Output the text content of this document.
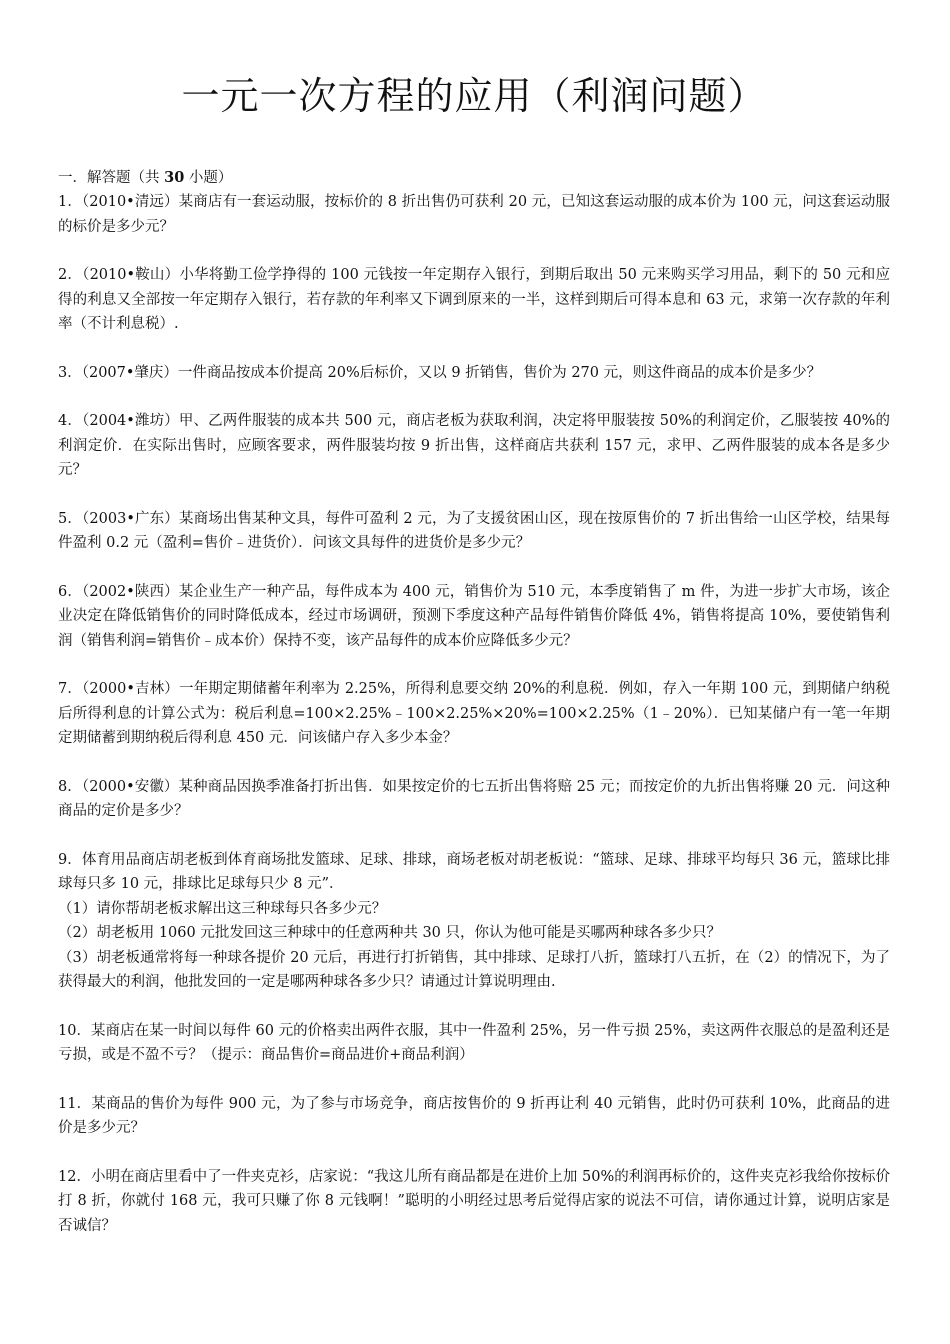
一元一次方程的应用（利润问题）

一．解答题（共 30 小题）

1．（2010•清远）某商店有一套运动服，按标价的 8 折出售仍可获利 20 元，已知这套运动服的成本价为 100 元，问这套运动服的标价是多少元？

2．（2010•鞍山）小华将勤工俭学挣得的 100 元钱按一年定期存入银行，到期后取出 50 元来购买学习用品，剩下的 50 元和应得的利息又全部按一年定期存入银行，若存款的年利率又下调到原来的一半，这样到期后可得本息和 63 元，求第一次存款的年利率（不计利息税）.

3．（2007•肇庆）一件商品按成本价提高 20%后标价，又以 9 折销售，售价为 270 元，则这件商品的成本价是多少？

4．（2004•潍坊）甲、乙两件服装的成本共 500 元，商店老板为获取利润，决定将甲服装按 50%的利润定价，乙服装按 40%的利润定价．在实际出售时，应顾客要求，两件服装均按 9 折出售，这样商店共获利 157 元，求甲、乙两件服装的成本各是多少元？

5．（2003•广东）某商场出售某种文具，每件可盈利 2 元，为了支援贫困山区，现在按原售价的 7 折出售给一山区学校，结果每件盈利 0.2 元（盈利=售价﹣进货价）．问该文具每件的进货价是多少元？

6．（2002•陕西）某企业生产一种产品，每件成本为 400 元，销售价为 510 元，本季度销售了 m 件，为进一步扩大市场，该企业决定在降低销售价的同时降低成本，经过市场调研，预测下季度这种产品每件销售价降低 4%，销售将提高 10%，要使销售利润（销售利润=销售价﹣成本价）保持不变，该产品每件的成本价应降低多少元？

7．（2000•吉林）一年期定期储蓄年利率为 2.25%，所得利息要交纳 20%的利息税．例如，存入一年期 100 元，到期储户纳税后所得利息的计算公式为：税后利息=100×2.25%﹣100×2.25%×20%=100×2.25%（1﹣20%）．已知某储户有一笔一年期定期储蓄到期纳税后得利息 450 元．问该储户存入多少本金？

8．（2000•安徽）某种商品因换季准备打折出售．如果按定价的七五折出售将赔 25 元；而按定价的九折出售将赚 20 元．问这种商品的定价是多少？

9．体育用品商店胡老板到体育商场批发篮球、足球、排球，商场老板对胡老板说：“篮球、足球、排球平均每只 36 元，篮球比排球每只多 10 元，排球比足球每只少 8 元”．

（1）请你帮胡老板求解出这三种球每只各多少元？

（2）胡老板用 1060 元批发回这三种球中的任意两种共 30 只，你认为他可能是买哪两种球各多少只？

（3）胡老板通常将每一种球各提价 20 元后，再进行打折销售，其中排球、足球打八折，篮球打八五折，在（2）的情况下，为了获得最大的利润，他批发回的一定是哪两种球各多少只？请通过计算说明理由.

10．某商店在某一时间以每件 60 元的价格卖出两件衣服，其中一件盈利 25%，另一件亏损 25%，卖这两件衣服总的是盈利还是亏损，或是不盈不亏？（提示：商品售价=商品进价+商品利润）

11．某商品的售价为每件 900 元，为了参与市场竞争，商店按售价的 9 折再让利 40 元销售，此时仍可获利 10%，此商品的进价是多少元？

12．小明在商店里看中了一件夹克衫，店家说：“我这儿所有商品都是在进价上加 50%的利润再标价的，这件夹克衫我给你按标价打 8 折，你就付 168 元，我可只赚了你 8 元钱啊！”聪明的小明经过思考后觉得店家的说法不可信，请你通过计算，说明店家是否诚信？
